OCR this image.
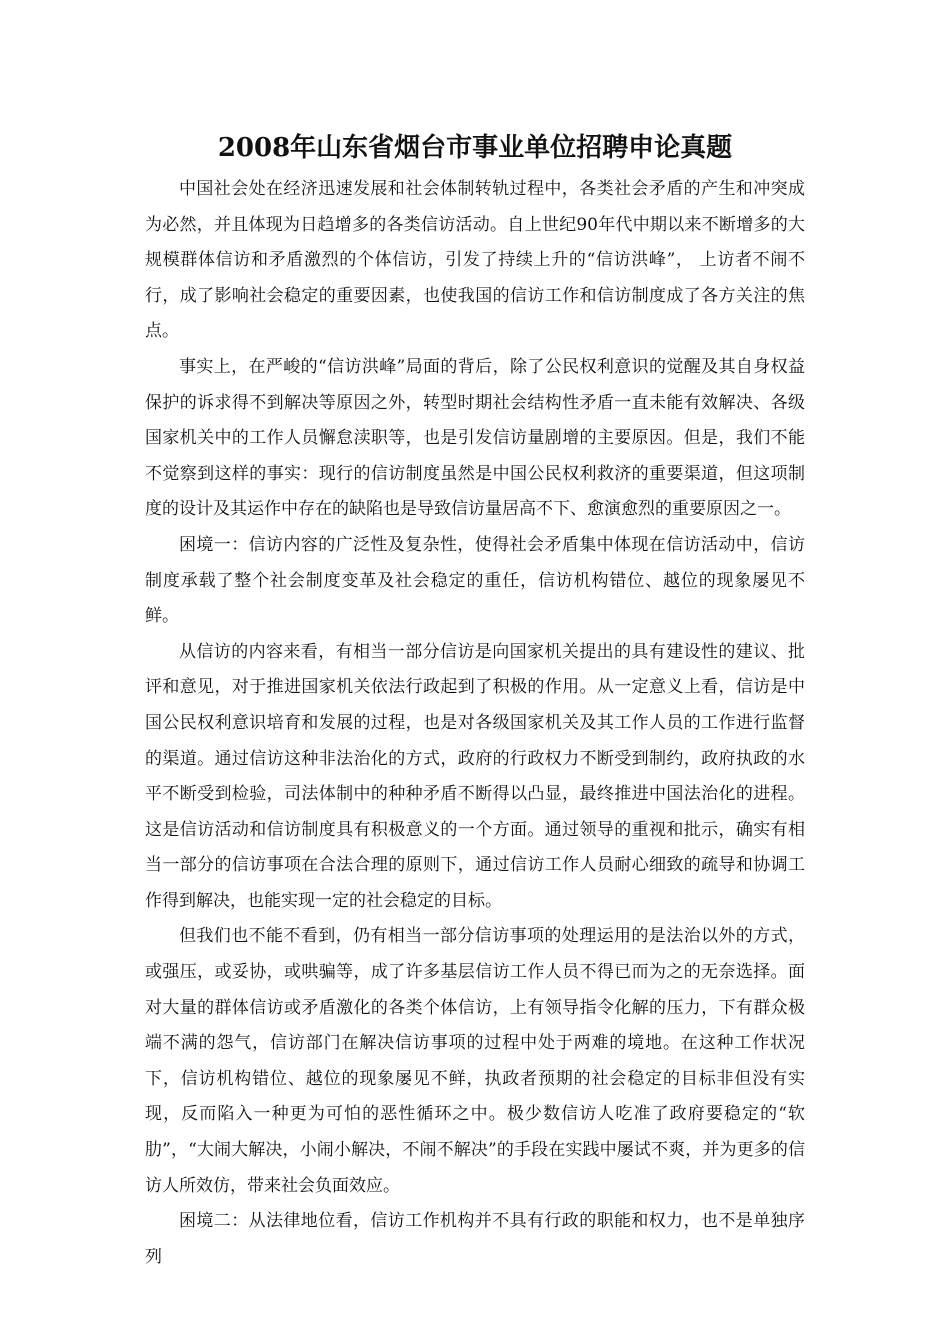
2008年山东省烟台市事业单位招聘申论真题

中国社会处在经济迅速发展和社会体制转轨过程中，各类社会矛盾的产生和冲突成为必然，并且体现为日趋增多的各类信访活动。自上世纪90年代中期以来不断增多的大规模群体信访和矛盾激烈的个体信访，引发了持续上升的“信访洪峰”， 上访者不闹不行，成了影响社会稳定的重要因素，也使我国的信访工作和信访制度成了各方关注的焦点。

事实上，在严峻的“信访洪峰”局面的背后，除了公民权利意识的觉醒及其自身权益保护的诉求得不到解决等原因之外，转型时期社会结构性矛盾一直未能有效解决、各级国家机关中的工作人员懈怠渎职等，也是引发信访量剧增的主要原因。但是，我们不能不觉察到这样的事实：现行的信访制度虽然是中国公民权利救济的重要渠道，但这项制度的设计及其运作中存在的缺陷也是导致信访量居高不下、愈演愈烈的重要原因之一。

困境一：信访内容的广泛性及复杂性，使得社会矛盾集中体现在信访活动中，信访制度承载了整个社会制度变革及社会稳定的重任，信访机构错位、越位的现象屡见不鲜。

从信访的内容来看，有相当一部分信访是向国家机关提出的具有建设性的建议、批评和意见，对于推进国家机关依法行政起到了积极的作用。从一定意义上看，信访是中国公民权利意识培育和发展的过程，也是对各级国家机关及其工作人员的工作进行监督的渠道。通过信访这种非法治化的方式，政府的行政权力不断受到制约，政府执政的水平不断受到检验，司法体制中的种种矛盾不断得以凸显，最终推进中国法治化的进程。这是信访活动和信访制度具有积极意义的一个方面。通过领导的重视和批示，确实有相当一部分的信访事项在合法合理的原则下，通过信访工作人员耐心细致的疏导和协调工作得到解决，也能实现一定的社会稳定的目标。

但我们也不能不看到，仍有相当一部分信访事项的处理运用的是法治以外的方式，或强压，或妥协，或哄骗等，成了许多基层信访工作人员不得已而为之的无奈选择。面对大量的群体信访或矛盾激化的各类个体信访，上有领导指令化解的压力，下有群众极端不满的怨气，信访部门在解决信访事项的过程中处于两难的境地。在这种工作状况下，信访机构错位、越位的现象屡见不鲜，执政者预期的社会稳定的目标非但没有实现，反而陷入一种更为可怕的恶性循环之中。极少数信访人吃准了政府要稳定的“软肋”，“大闹大解决，小闹小解决，不闹不解决”的手段在实践中屡试不爽，并为更多的信访人所效仿，带来社会负面效应。

困境二：从法律地位看，信访工作机构并不具有行政的职能和权力，也不是单独序列
